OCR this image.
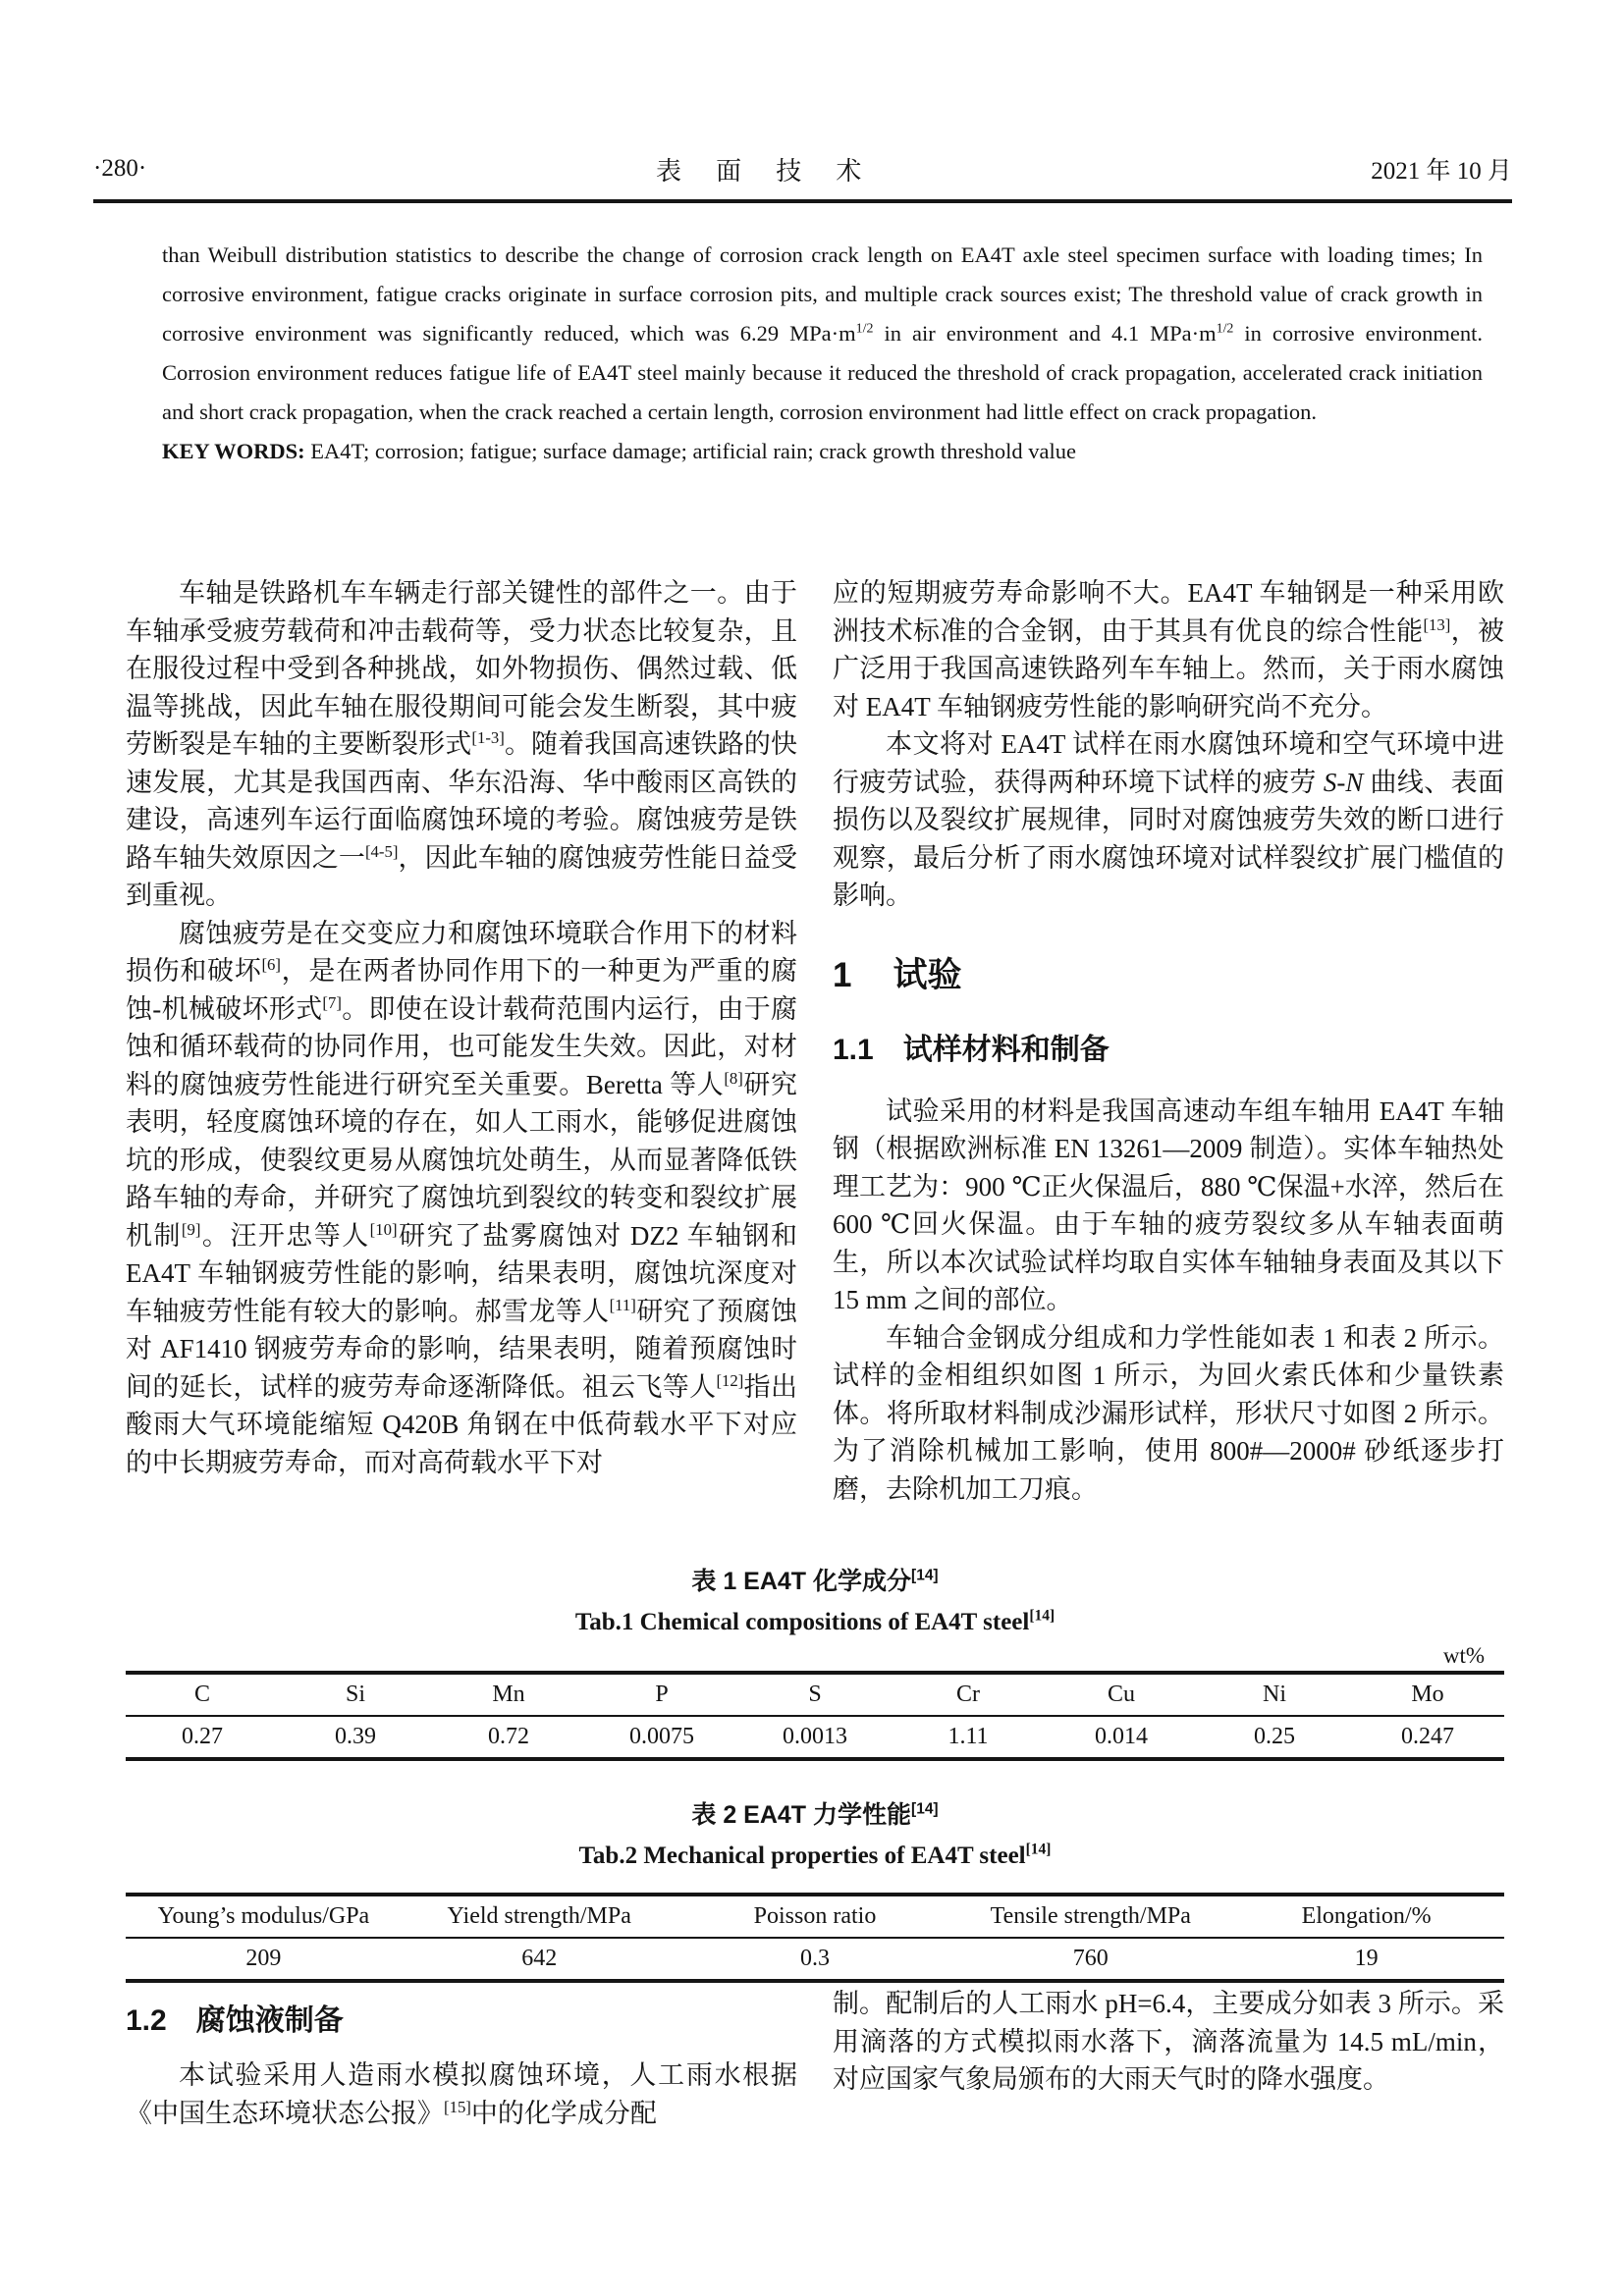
·280·	表 面 技 术	2021 年 10 月

than Weibull distribution statistics to describe the change of corrosion crack length on EA4T axle steel specimen surface with loading times; In corrosive environment, fatigue cracks originate in surface corrosion pits, and multiple crack sources exist; The threshold value of crack growth in corrosive environment was significantly reduced, which was 6.29 $MPa\cdot m^{1/2}$ in air environment and 4.1 $MPa\cdot m^{1/2}$ in corrosive environment. Corrosion environment reduces fatigue life of EA4T steel mainly because it reduced the threshold of crack propagation, accelerated crack initiation and short crack propagation, when the crack reached a certain length, corrosion environment had little effect on crack propagation.

KEY WORDS: EA4T; corrosion; fatigue; surface damage; artificial rain; crack growth threshold value

车轴是铁路机车车辆走行部关键性的部件之一。由于车轴承受疲劳载荷和冲击载荷等，受力状态比较复杂，且在服役过程中受到各种挑战，如外物损伤、偶然过载、低温等挑战，因此车轴在服役期间可能会发生断裂，其中疲劳断裂是车轴的主要断裂形式[1-3]。随着我国高速铁路的快速发展，尤其是我国西南、华东沿海、华中酸雨区高铁的建设，高速列车运行面临腐蚀环境的考验。腐蚀疲劳是铁路车轴失效原因之一[4-5]，因此车轴的腐蚀疲劳性能日益受到重视。

腐蚀疲劳是在交变应力和腐蚀环境联合作用下的材料损伤和破坏[6]，是在两者协同作用下的一种更为严重的腐蚀-机械破坏形式[7]。即使在设计载荷范围内运行，由于腐蚀和循环载荷的协同作用，也可能发生失效。因此，对材料的腐蚀疲劳性能进行研究至关重要。Beretta 等人[8]研究表明，轻度腐蚀环境的存在，如人工雨水，能够促进腐蚀坑的形成，使裂纹更易从腐蚀坑处萌生，从而显著降低铁路车轴的寿命，并研究了腐蚀坑到裂纹的转变和裂纹扩展机制[9]。汪开忠等人[10]研究了盐雾腐蚀对 DZ2 车轴钢和 EA4T 车轴钢疲劳性能的影响，结果表明，腐蚀坑深度对车轴疲劳性能有较大的影响。郝雪龙等人[11]研究了预腐蚀对 AF1410 钢疲劳寿命的影响，结果表明，随着预腐蚀时间的延长，试样的疲劳寿命逐渐降低。祖云飞等人[12]指出酸雨大气环境能缩短 Q420B 角钢在中低荷载水平下对应的中长期疲劳寿命，而对高荷载水平下对

应的短期疲劳寿命影响不大。EA4T 车轴钢是一种采用欧洲技术标准的合金钢，由于其具有优良的综合性能[13]，被广泛用于我国高速铁路列车车轴上。然而，关于雨水腐蚀对 EA4T 车轴钢疲劳性能的影响研究尚不充分。

本文将对 EA4T 试样在雨水腐蚀环境和空气环境中进行疲劳试验，获得两种环境下试样的疲劳 S-N 曲线、表面损伤以及裂纹扩展规律，同时对腐蚀疲劳失效的断口进行观察，最后分析了雨水腐蚀环境对试样裂纹扩展门槛值的影响。

1 试验
1.1 试样材料和制备

试验采用的材料是我国高速动车组车轴用 EA4T 车轴钢（根据欧洲标准 EN 13261—2009 制造）。实体车轴热处理工艺为：900 ℃正火保温后，880 ℃保温+水淬，然后在 600 ℃回火保温。由于车轴的疲劳裂纹多从车轴表面萌生，所以本次试验试样均取自实体车轴轴身表面及其以下 15 mm 之间的部位。

车轴合金钢成分组成和力学性能如表 1 和表 2 所示。试样的金相组织如图 1 所示，为回火索氏体和少量铁素体。将所取材料制成沙漏形试样，形状尺寸如图 2 所示。为了消除机械加工影响，使用 800#—2000# 砂纸逐步打磨，去除机加工刀痕。

表 1 EA4T 化学成分[14]
Tab.1 Chemical compositions of EA4T steel[14]
wt%
C	Si	Mn	P	S	Cr	Cu	Ni	Mo
0.27	0.39	0.72	0.0075	0.0013	1.11	0.014	0.25	0.247
表 2 EA4T 力学性能[14]
Tab.2 Mechanical properties of EA4T steel[14]
Young’s modulus/GPa	Yield strength/MPa	Poisson ratio	Tensile strength/MPa	Elongation/%
209	642	0.3	760	19
1.2 腐蚀液制备

本试验采用人造雨水模拟腐蚀环境，人工雨水根据《中国生态环境状态公报》[15]中的化学成分配

制。配制后的人工雨水 pH=6.4，主要成分如表 3 所示。采用滴落的方式模拟雨水落下，滴落流量为 14.5 mL/min，对应国家气象局颁布的大雨天气时的降水强度。
